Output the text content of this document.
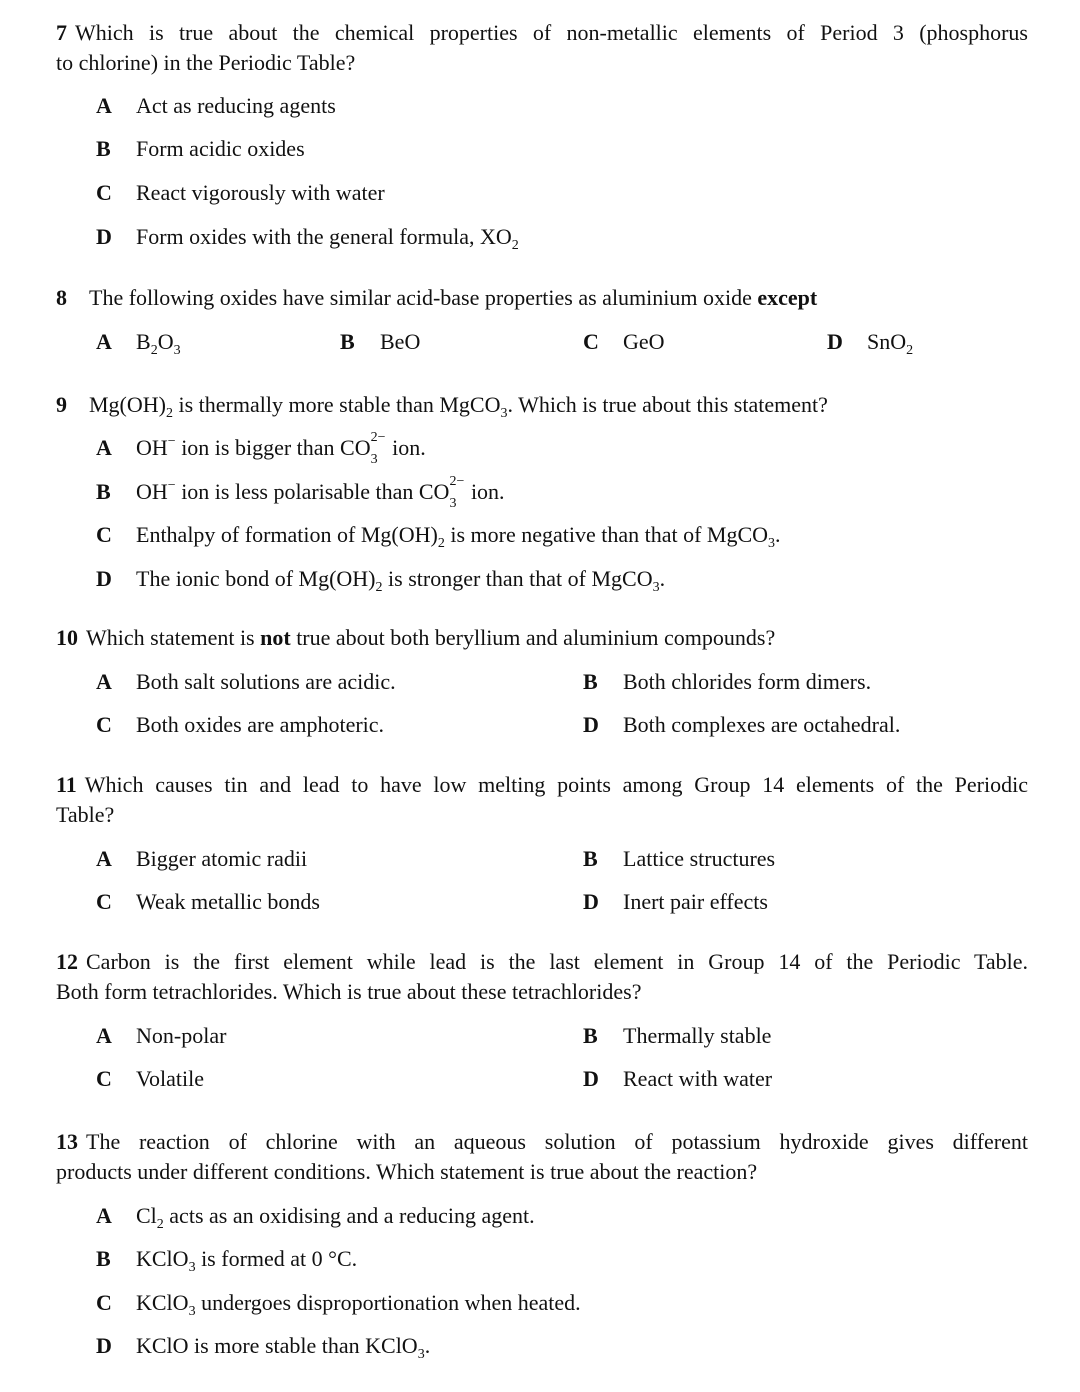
7 Which is true about the chemical properties of non-metallic elements of Period 3 (phosphorus
to chlorine) in the Periodic Table?
A Act as reducing agents
B Form acidic oxides
C React vigorously with water
D Form oxides with the general formula, $XO_2$
8 The following oxides have similar acid-base properties as aluminium oxide except
A $B_2O_3$	B BeO	C GeO	D SnO$_2$
9 $Mg(OH)_2$ is thermally more stable than MgCO$_3$. Which is true about this statement?
A OH− ion is bigger than CO 2−
3 ion.
B OH− ion is less polarisable than CO 2−
3 ion.
C Enthalpy of formation of $Mg(OH)_2$ is more negative than that of MgCO$_3$.
D The ionic bond of $Mg(OH)_2$ is stronger than that of MgCO$_3$.
10 Which statement is not true about both beryllium and aluminium compounds?
A Both salt solutions are acidic.	B Both chlorides form dimers.
C Both oxides are amphoteric.	D Both complexes are octahedral.
11 Which causes tin and lead to have low melting points among Group 14 elements of the Periodic
Table?
A Bigger atomic radii	B Lattice structures
C Weak metallic bonds	D Inert pair effects
12 Carbon is the first element while lead is the last element in Group 14 of the Periodic Table.
Both form tetrachlorides. Which is true about these tetrachlorides?
A Non-polar	B Thermally stable
C Volatile	D React with water
13 The reaction of chlorine with an aqueous solution of potassium hydroxide gives different
products under different conditions. Which statement is true about the reaction?
A $Cl_2$ acts as an oxidising and a reducing agent.
B KClO$_3$ is formed at 0 °C.
C KClO$_3$ undergoes disproportionation when heated.
D KClO is more stable than KClO$_3$.
